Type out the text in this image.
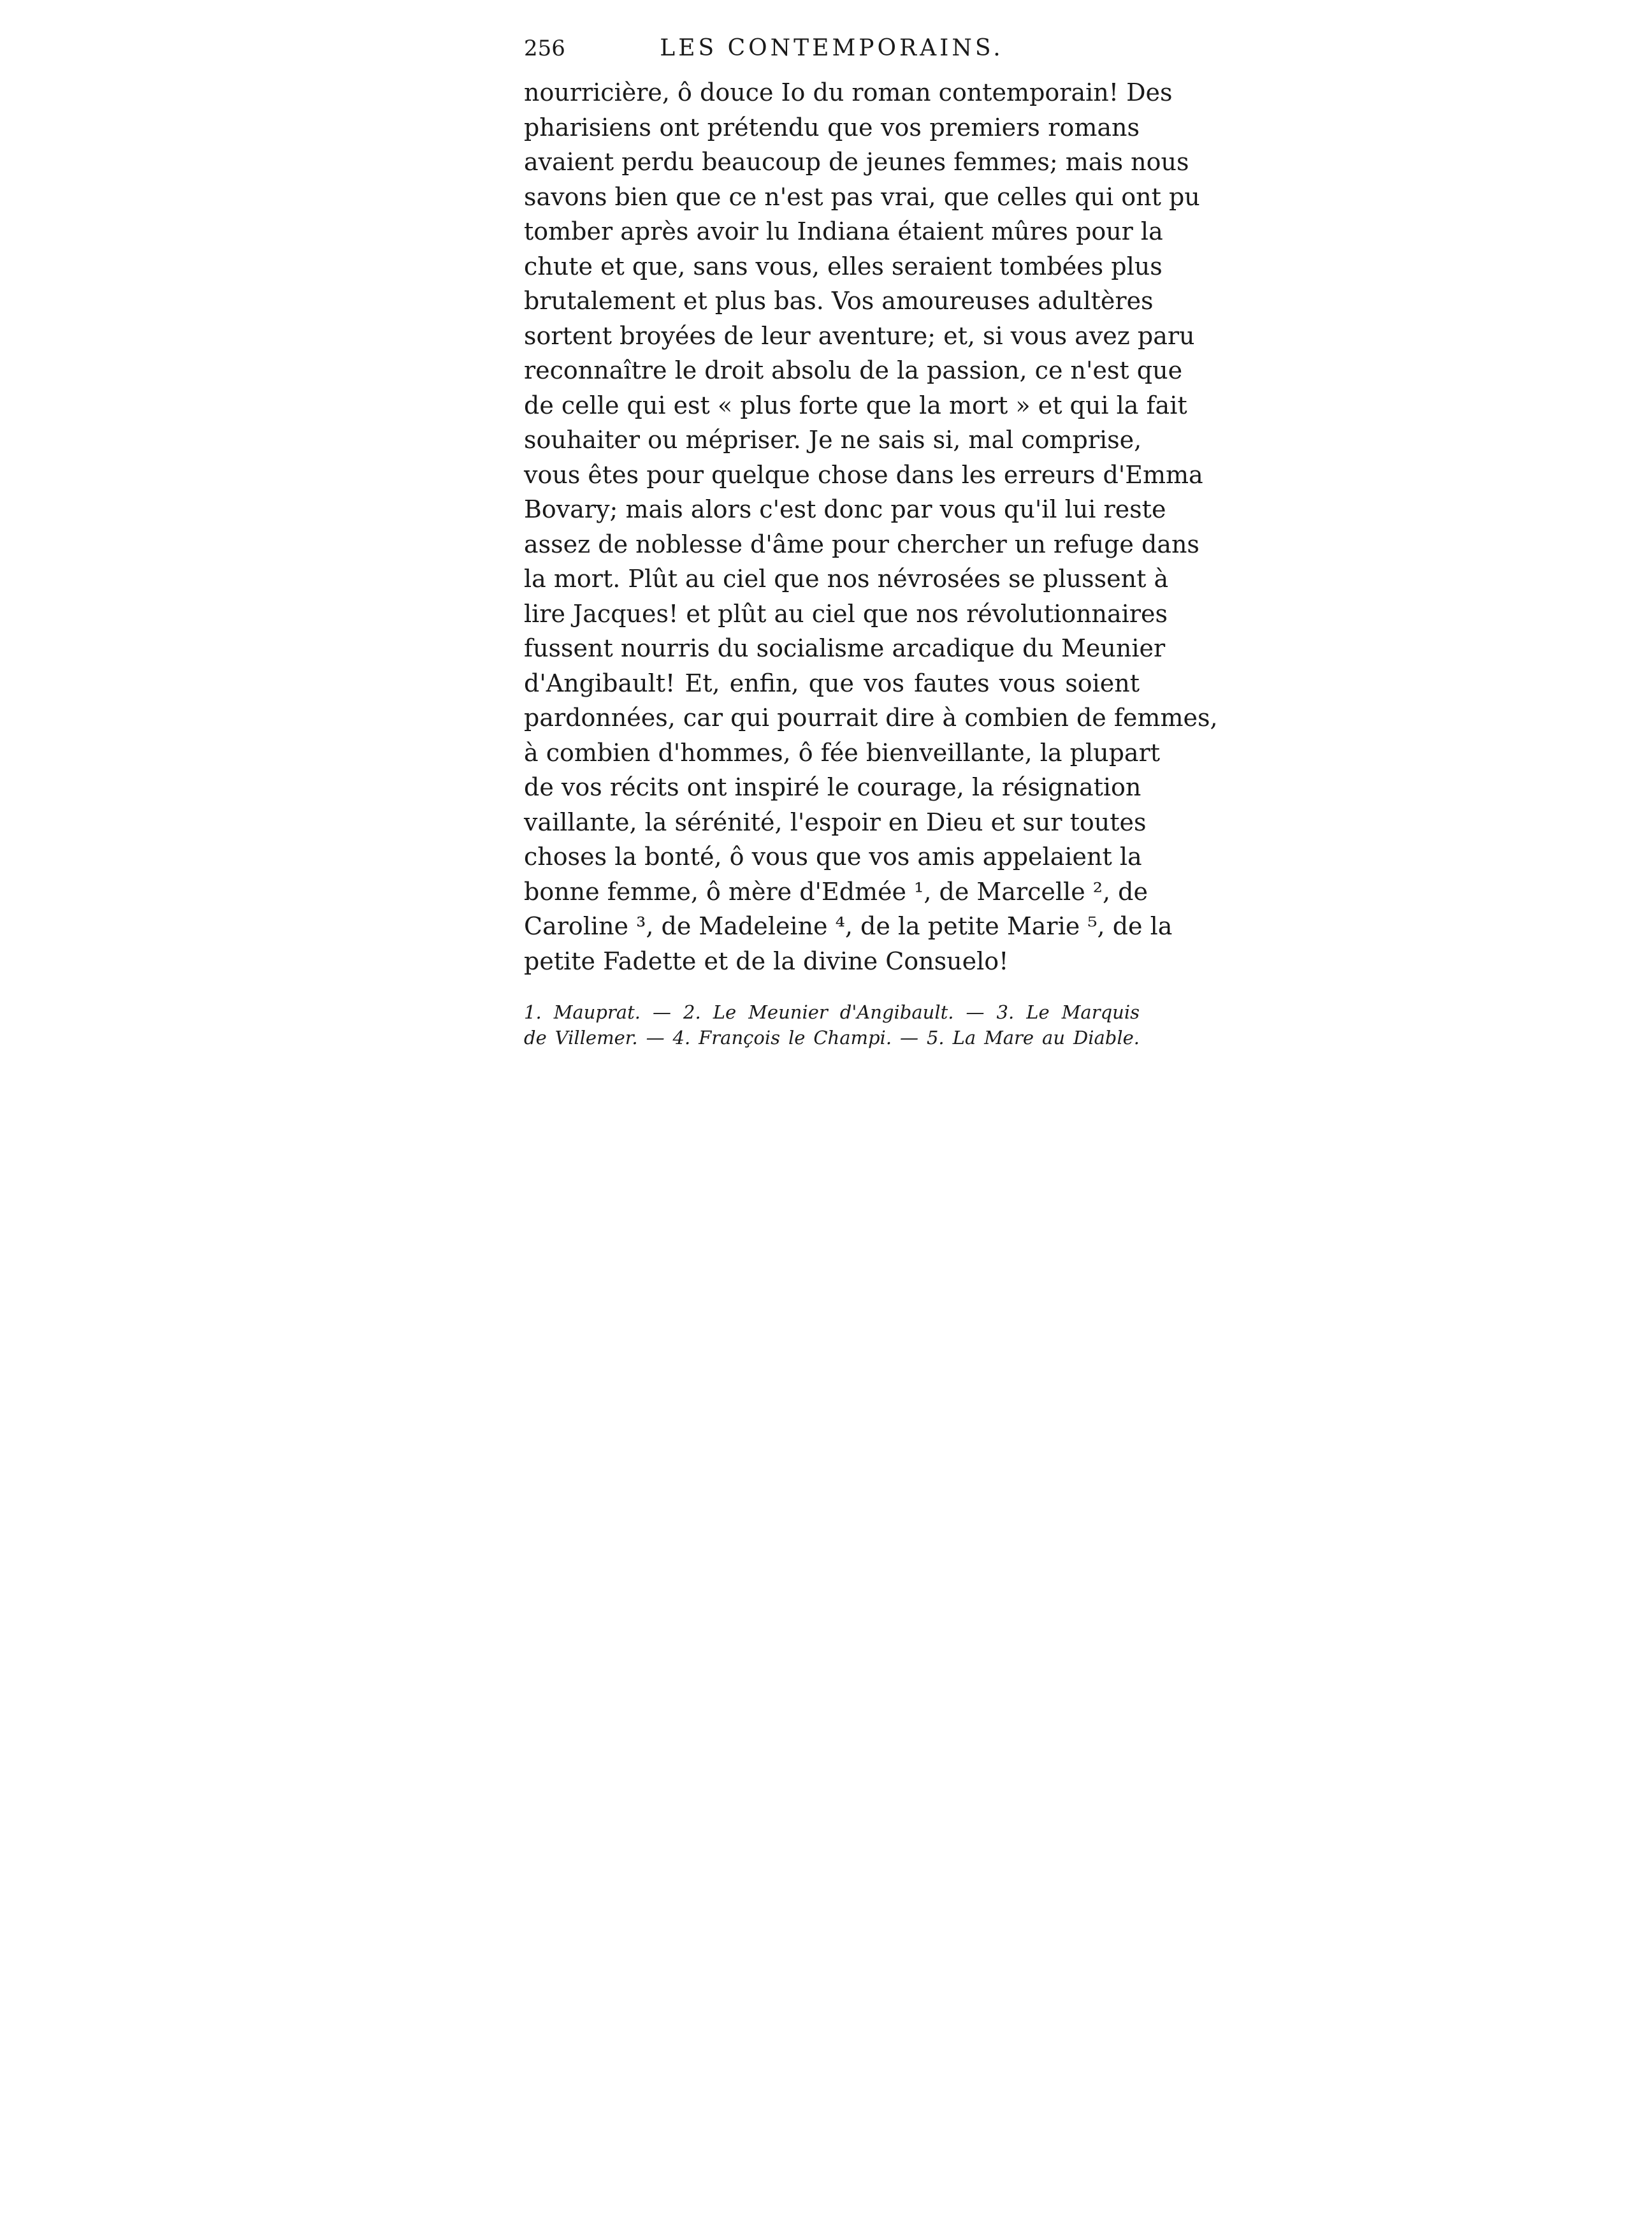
256	LES CONTEMPORAINS.
nourricière, ô douce Io du roman contemporain! Des
pharisiens ont prétendu que vos premiers romans
avaient perdu beaucoup de jeunes femmes; mais nous
savons bien que ce n'est pas vrai, que celles qui ont pu
tomber après avoir lu Indiana étaient mûres pour la
chute et que, sans vous, elles seraient tombées plus
brutalement et plus bas. Vos amoureuses adultères
sortent broyées de leur aventure; et, si vous avez paru
reconnaître le droit absolu de la passion, ce n'est que
de celle qui est « plus forte que la mort » et qui la fait
souhaiter ou mépriser. Je ne sais si, mal comprise,
vous êtes pour quelque chose dans les erreurs d'Emma
Bovary; mais alors c'est donc par vous qu'il lui reste
assez de noblesse d'âme pour chercher un refuge dans
la mort. Plût au ciel que nos névrosées se plussent à
lire Jacques! et plût au ciel que nos révolutionnaires
fussent nourris du socialisme arcadique du Meunier
d'Angibault! Et, enfin, que vos fautes vous soient
pardonnées, car qui pourrait dire à combien de femmes,
à combien d'hommes, ô fée bienveillante, la plupart
de vos récits ont inspiré le courage, la résignation
vaillante, la sérénité, l'espoir en Dieu et sur toutes
choses la bonté, ô vous que vos amis appelaient la
bonne femme, ô mère d'Edmée ¹, de Marcelle ², de
Caroline ³, de Madeleine ⁴, de la petite Marie ⁵, de la
petite Fadette et de la divine Consuelo!
1. Mauprat. — 2. Le Meunier d'Angibault. — 3. Le Marquis
de Villemer. — 4. François le Champi. — 5. La Mare au Diable.
